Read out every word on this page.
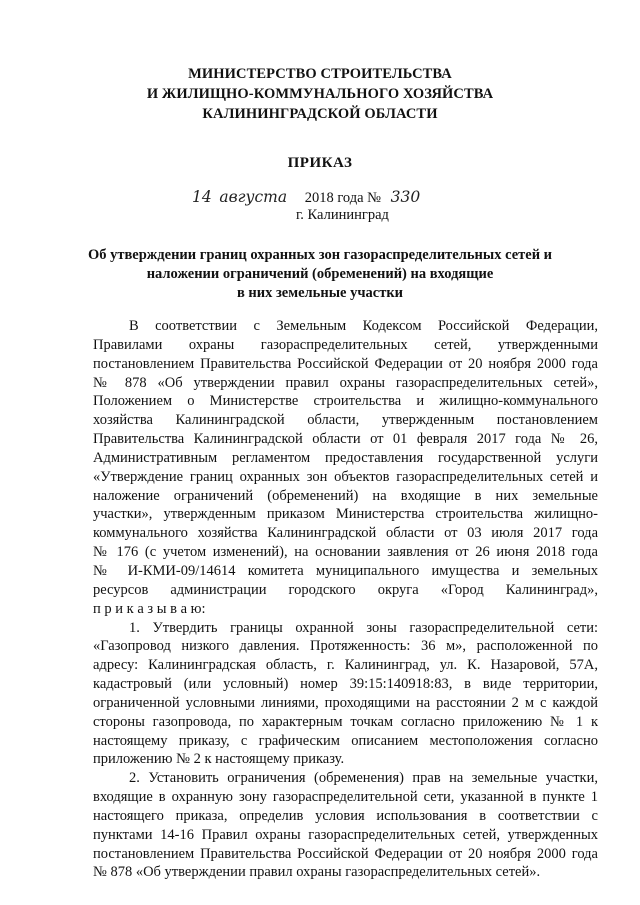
МИНИСТЕРСТВО СТРОИТЕЛЬСТВА
И ЖИЛИЩНО-КОММУНАЛЬНОГО ХОЗЯЙСТВА
КАЛИНИНГРАДСКОЙ ОБЛАСТИ
ПРИКАЗ
14 августа 2018 года № 330
г. Калининград
Об утверждении границ охранных зон газораспределительных сетей и
наложении ограничений (обременений) на входящие
в них земельные участки
В соответствии с Земельным Кодексом Российской Федерации,
Правилами охраны газораспределительных сетей, утвержденными
постановлением Правительства Российской Федерации от 20 ноября 2000 года
№ 878 «Об утверждении правил охраны газораспределительных сетей»,
Положением о Министерстве строительства и жилищно-коммунального
хозяйства Калининградской области, утвержденным постановлением
Правительства Калининградской области от 01 февраля 2017 года № 26,
Административным регламентом предоставления государственной услуги
«Утверждение границ охранных зон объектов газораспределительных сетей и
наложение ограничений (обременений) на входящие в них земельные
участки», утвержденным приказом Министерства строительства жилищно-
коммунального хозяйства Калининградской области от 03 июля 2017 года
№ 176 (с учетом изменений), на основании заявления от 26 июня 2018 года
№ И-КМИ-09/14614 комитета муниципального имущества и земельных
ресурсов администрации городского округа «Город Калининград»,
п р и к а з ы в а ю:
1. Утвердить границы охранной зоны газораспределительной сети:
«Газопровод низкого давления. Протяженность: 36 м», расположенной по
адресу: Калининградская область, г. Калининград, ул. К. Назаровой, 57А,
кадастровый (или условный) номер 39:15:140918:83, в виде территории,
ограниченной условными линиями, проходящими на расстоянии 2 м с каждой
стороны газопровода, по характерным точкам согласно приложению № 1 к
настоящему приказу, с графическим описанием местоположения согласно
приложению № 2 к настоящему приказу.
2. Установить ограничения (обременения) прав на земельные участки,
входящие в охранную зону газораспределительной сети, указанной в пункте 1
настоящего приказа, определив условия использования в соответствии с
пунктами 14-16 Правил охраны газораспределительных сетей, утвержденных
постановлением Правительства Российской Федерации от 20 ноября 2000 года
№ 878 «Об утверждении правил охраны газораспределительных сетей».
